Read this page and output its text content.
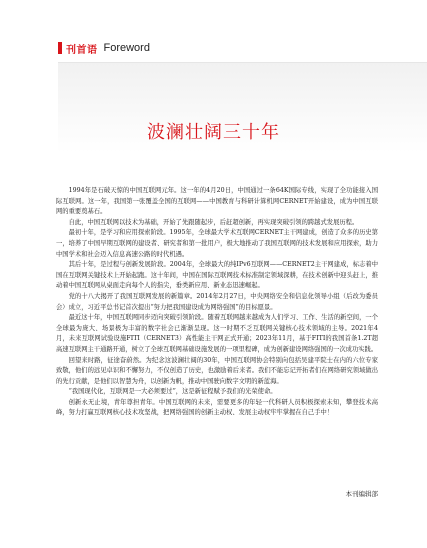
刊首语 Foreword
波澜壮阔三十年

1994年是石破天惊的中国互联网元年。这一年的4月20日，中国通过一条64K国际专线，实现了全功能接入国际互联网。这一年，我国第一张覆盖全国的互联网——中国教育与科研计算机网CERNET开始建设，成为中国互联网的重要奠基石。

自此，中国互联网以技术为基础，开始了先跟随起步，后赶超创新，再实现突破引领的跨越式发展历程。

最初十年，是学习和应用探索阶段。1995年，全球最大学术互联网CERNET主干网建成，创造了众多的历史第一，培养了中国早期互联网的建设者、研究者和第一批用户，极大地推动了我国互联网的技术发展和应用探索，助力中国学术和社会迈入信息高速公路的时代机遇。

其后十年，是过程与创新发展阶段。2004年，全球最大的纯IPv6互联网——CERNET2主干网建成，标志着中国在互联网关键技术上开始起跑。这十年间，中国在国际互联网技术标准制定领域深耕，在技术创新中迎头赶上，推动着中国互联网从桌面走向每个人的指尖，垂类新应用、新业态迅速崛起。

党的十八大揭开了我国互联网发展的新篇章。2014年2月27日，中央网络安全和信息化领导小组（后改为委员会）成立，习近平总书记首次提出“努力把我国建设成为网络强国”的目标愿景。

最近这十年，中国互联网同步迈向突破引领阶段。随着互联网越来越成为人们学习、工作、生活的新空间，一个全球最为庞大、场景极为丰富的数字社会已渐渐呈现。这一时期不乏互联网关键核心技术领域的主导。2021年4月，未来互联网试验设施FITI（CERNET3）高性能主干网正式开通；2023年11月，基于FITI的我国首条1.2T超高速互联网主干通路开通，树立了全球互联网基础设施发展的一项里程碑，成为创新建设网络强国的一次成功实践。

回望来时路，征途奋蔚然。为纪念这波澜壮阔的30年，中国互联网协会特别向包括吴建平院士在内的六位专家致敬，他们的远见卓识和不懈努力，不仅创造了历史，也激励着后来者。我们不能忘记开拓者们在网络研究领域做出的先行贡献，是他们以智慧为舟，以创新为帆，推动中国驶向数字文明的新蓝海。

“我国现代化，互联网是一大必须要过”，这是新征程赋予我们的光荣使命。

创新永无止境，青年尊担青年。中国互联网的未来，需要更多的年轻一代科研人员积极探索未知，攀登技术高峰，努力打赢互联网核心技术攻坚战，把网络强国的创新主动权、发展主动权牢牢掌握在自己手中！

本刊编辑部
